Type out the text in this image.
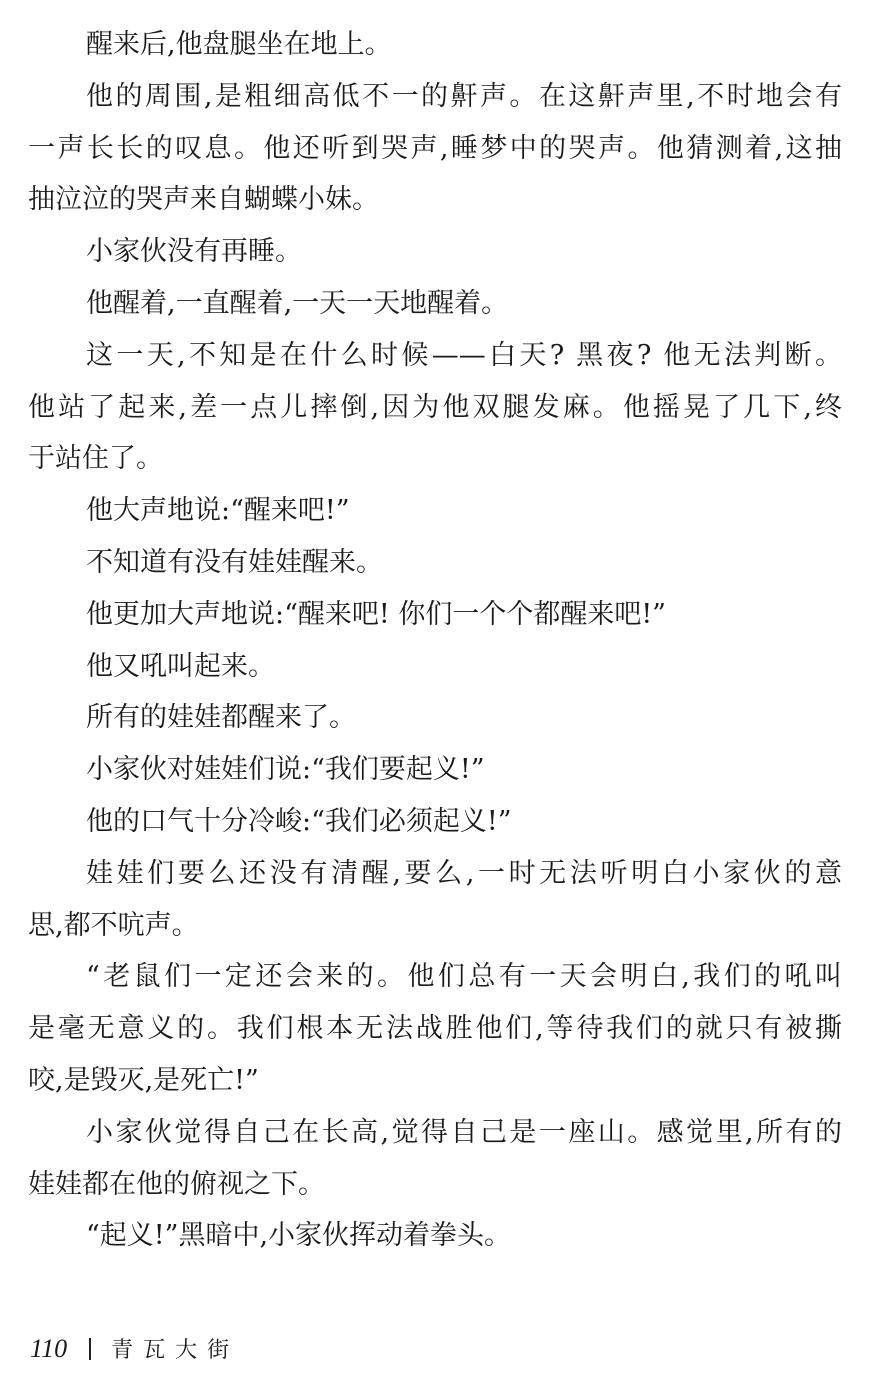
醒来后,他盘腿坐在地上。
他的周围,是粗细高低不一的鼾声。在这鼾声里,不时地会有
一声长长的叹息。他还听到哭声,睡梦中的哭声。他猜测着,这抽
抽泣泣的哭声来自蝴蝶小妹。
小家伙没有再睡。
他醒着,一直醒着,一天一天地醒着。
这一天,不知是在什么时候——白天? 黑夜? 他无法判断。
他站了起来,差一点儿摔倒,因为他双腿发麻。他摇晃了几下,终
于站住了。
他大声地说:“醒来吧!”
不知道有没有娃娃醒来。
他更加大声地说:“醒来吧! 你们一个个都醒来吧!”
他又吼叫起来。
所有的娃娃都醒来了。
小家伙对娃娃们说:“我们要起义!”
他的口气十分冷峻:“我们必须起义!”
娃娃们要么还没有清醒,要么,一时无法听明白小家伙的意
思,都不吭声。
“老鼠们一定还会来的。他们总有一天会明白,我们的吼叫
是毫无意义的。我们根本无法战胜他们,等待我们的就只有被撕
咬,是毁灭,是死亡!”
小家伙觉得自己在长高,觉得自己是一座山。感觉里,所有的
娃娃都在他的俯视之下。
“起义!”黑暗中,小家伙挥动着拳头。
110 青瓦大街
